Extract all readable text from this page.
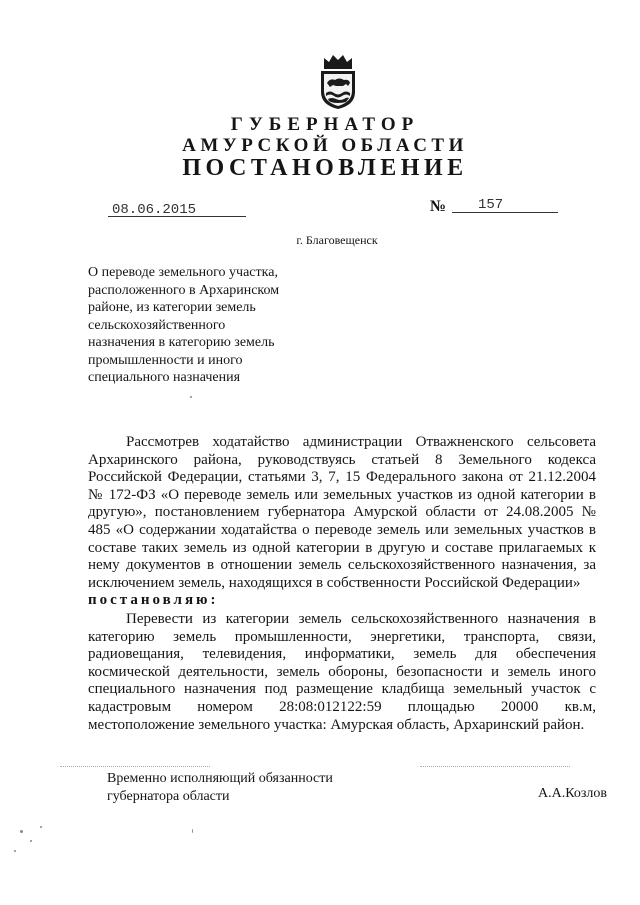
ГУБЕРНАТОР
АМУРСКОЙ ОБЛАСТИ
ПОСТАНОВЛЕНИЕ
08.06.2015	№ 157
г. Благовещенск
О переводе земельного участка,
расположенного в Архаринском
районе, из категории земель
сельскохозяйственного
назначения в категорию земель
промышленности и иного
специального назначения
Рассмотрев ходатайство администрации Отважненского сельсовета
Архаринского района, руководствуясь статьей 8 Земельного кодекса
Российской Федерации, статьями 3, 7, 15 Федерального закона от 21.12.2004
№ 172-ФЗ «О переводе земель или земельных участков из одной категории в
другую», постановлением губернатора Амурской области от 24.08.2005 №
485 «О содержании ходатайства о переводе земель или земельных участков в
составе таких земель из одной категории в другую и составе прилагаемых к
нему документов в отношении земель сельскохозяйственного назначения, за
исключением земель, находящихся в собственности Российской Федерации»
постановляю:
Перевести из категории земель сельскохозяйственного назначения в
категорию земель промышленности, энергетики, транспорта, связи,
радиовещания, телевидения, информатики, земель для обеспечения
космической деятельности, земель обороны, безопасности и земель иного
специального назначения под размещение кладбища земельный участок с
кадастровым номером 28:08:012122:59 площадью 20000 кв.м,
местоположение земельного участка: Амурская область, Архаринский район.
Временно исполняющий обязанности
губернатора области	А.А.Козлов
